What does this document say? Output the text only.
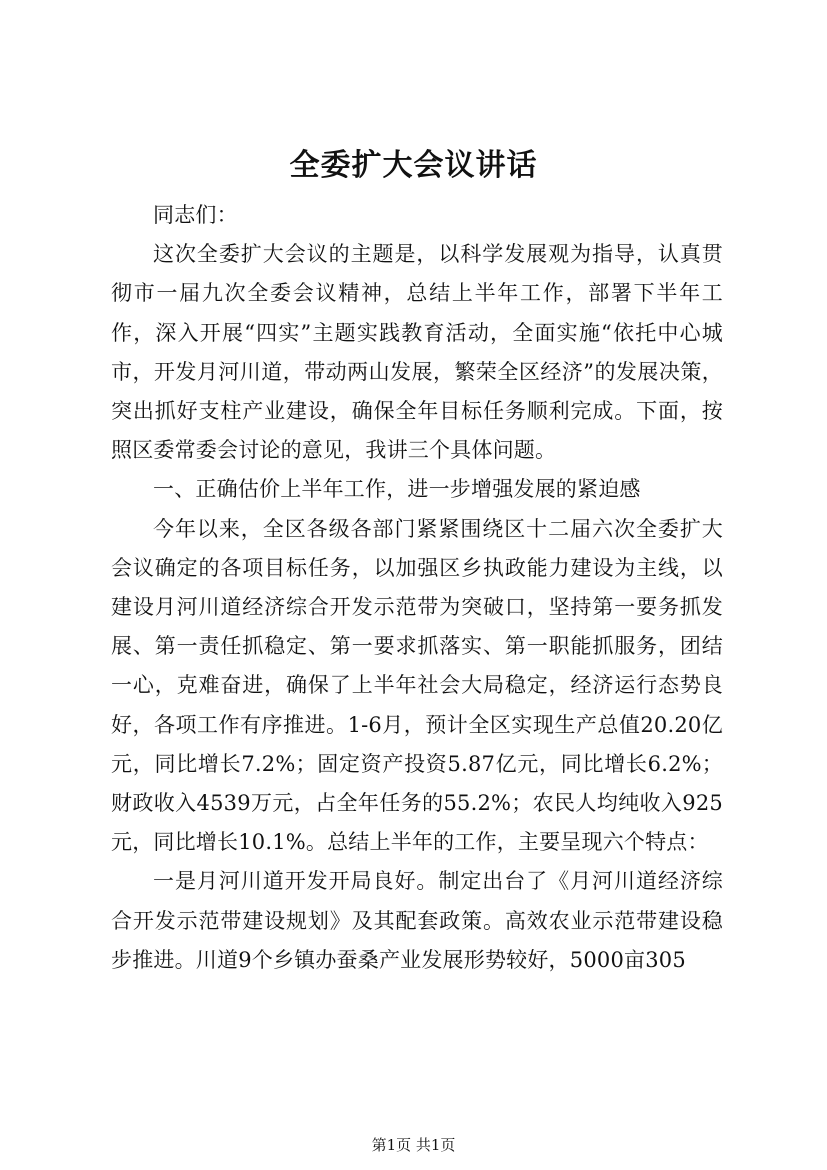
全委扩大会议讲话

同志们：

这次全委扩大会议的主题是，以科学发展观为指导，认真贯彻市一届九次全委会议精神，总结上半年工作，部署下半年工作，深入开展“四实”主题实践教育活动，全面实施“依托中心城市，开发月河川道，带动两山发展，繁荣全区经济”的发展决策，突出抓好支柱产业建设，确保全年目标任务顺利完成。下面，按照区委常委会讨论的意见，我讲三个具体问题。

一、正确估价上半年工作，进一步增强发展的紧迫感

今年以来，全区各级各部门紧紧围绕区十二届六次全委扩大会议确定的各项目标任务，以加强区乡执政能力建设为主线，以建设月河川道经济综合开发示范带为突破口，坚持第一要务抓发展、第一责任抓稳定、第一要求抓落实、第一职能抓服务，团结一心，克难奋进，确保了上半年社会大局稳定，经济运行态势良好，各项工作有序推进。1-6月，预计全区实现生产总值20.20亿元，同比增长7.2%；固定资产投资5.87亿元，同比增长6.2%；财政收入4539万元，占全年任务的55.2%；农民人均纯收入925元，同比增长10.1%。总结上半年的工作，主要呈现六个特点：

一是月河川道开发开局良好。制定出台了《月河川道经济综合开发示范带建设规划》及其配套政策。高效农业示范带建设稳步推进。川道9个乡镇办蚕桑产业发展形势较好，5000亩305

第1页 共1页
